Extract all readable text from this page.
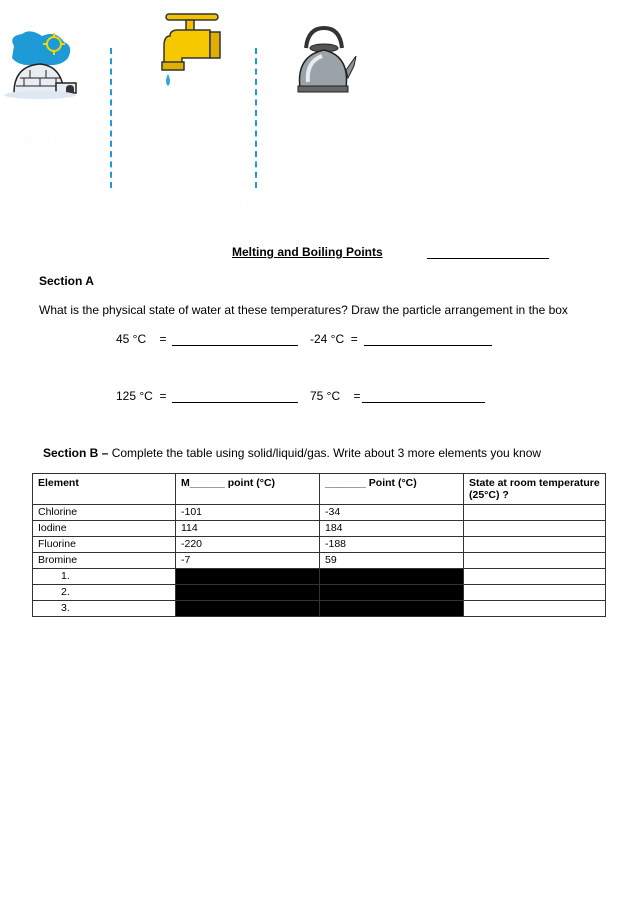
solid
(ice)
liquid
(water)
steam
(gas)
0°C	100°C
Melting and Boiling Points
Section A
What is the physical state of water at these temperatures? Draw the particle arrangement in the box
45 °C    =	-24 °C  =
125 °C  =	75 °C    =
Section B – Complete the table using solid/liquid/gas. Write about 3 more elements you know
Element	M______ point (°C)	_______ Point (°C)	State at room temperature (25°C) ?
Chlorine	-101	-34	
Iodine	114	184	
Fluorine	-220	-188	
Bromine	-7	59	
1.			
2.			
3.			
